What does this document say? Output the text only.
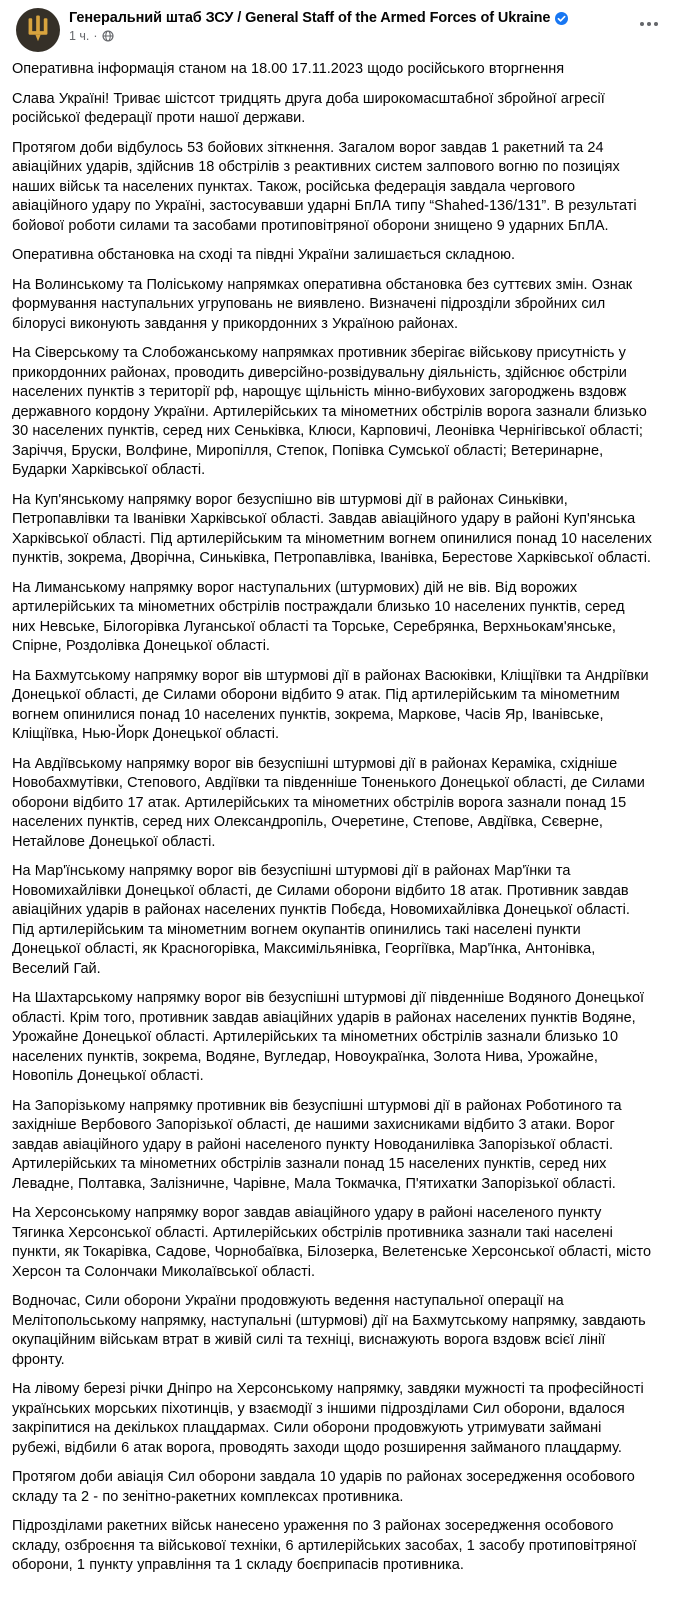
Генеральний штаб ЗСУ / General Staff of the Armed Forces of Ukraine
1 ч. ·

Оперативна інформація станом на 18.00 17.11.2023 щодо російського вторгнення

Слава Україні! Триває шістсот тридцять друга доба широкомасштабної збройної агресії російської федерації проти нашої держави.

Протягом доби відбулось 53 бойових зіткнення. Загалом ворог завдав 1 ракетний та 24 авіаційних ударів, здійснив 18 обстрілів з реактивних систем залпового вогню по позиціях наших військ та населених пунктах. Також, російська федерація завдала чергового авіаційного удару по Україні, застосувавши ударні БпЛА типу “Shahed-136/131”. В результаті бойової роботи силами та засобами протиповітряної оборони знищено 9 ударних БпЛА.

Оперативна обстановка на сході та півдні України залишається складною.

На Волинському та Поліському напрямках оперативна обстановка без суттєвих змін. Ознак формування наступальних угруповань не виявлено. Визначені підрозділи збройних сил білорусі виконують завдання у прикордонних з Україною районах.

На Сіверському та Слобожанському напрямках противник зберігає військову присутність у прикордонних районах, проводить диверсійно-розвідувальну діяльність, здійснює обстріли населених пунктів з території рф, нарощує щільність мінно-вибухових загороджень вздовж державного кордону України. Артилерійських та мінометних обстрілів ворога зазнали близько 30 населених пунктів, серед них Сеньківка, Клюси, Карповичі, Леонівка Чернігівської області; Заріччя, Бруски, Волфине, Миропілля, Степок, Попівка Сумської області; Ветеринарне, Бударки Харківської області.

На Куп'янському напрямку ворог безуспішно вів штурмові дії в районах Синьківки, Петропавлівки та Іванівки Харківської області. Завдав авіаційного удару в районі Куп'янська Харківської області. Під артилерійським та мінометним вогнем опинилися понад 10 населених пунктів, зокрема, Дворічна, Синьківка, Петропавлівка, Іванівка, Берестове Харківської області.

На Лиманському напрямку ворог наступальних (штурмових) дій не вів. Від ворожих артилерійських та мінометних обстрілів постраждали близько 10 населених пунктів, серед них Невське, Білогорівка Луганської області та Торське, Серебрянка, Верхньокам'янське, Спірне, Роздолівка Донецької області.

На Бахмутському напрямку ворог вів штурмові дії в районах Васюківки, Кліщіївки та Андріївки Донецької області, де Силами оборони відбито 9 атак. Під артилерійським та мінометним вогнем опинилися понад 10 населених пунктів, зокрема, Маркове, Часів Яр, Іванівське, Кліщіївка, Нью-Йорк Донецької області.

На Авдіївському напрямку ворог вів безуспішні штурмові дії в районах Кераміка, східніше Новобахмутівки, Степового, Авдіївки та південніше Тоненького Донецької області, де Силами оборони відбито 17 атак. Артилерійських та мінометних обстрілів ворога зазнали понад 15 населених пунктів, серед них Олександропіль, Очеретине, Степове, Авдіївка, Сєверне, Нетайлове Донецької області.

На Мар'їнському напрямку ворог вів безуспішні штурмові дії в районах Мар'їнки та Новомихайлівки Донецької області, де Силами оборони відбито 18 атак. Противник завдав авіаційних ударів в районах населених пунктів Побєда, Новомихайлівка Донецької області. Під артилерійським та мінометним вогнем окупантів опинились такі населені пункти Донецької області, як Красногорівка, Максимільянівка, Георгіївка, Мар'їнка, Антонівка, Веселий Гай.

На Шахтарському напрямку ворог вів безуспішні штурмові дії південніше Водяного Донецької області. Крім того, противник завдав авіаційних ударів в районах населених пунктів Водяне, Урожайне Донецької області. Артилерійських та мінометних обстрілів зазнали близько 10 населених пунктів, зокрема, Водяне, Вугледар, Новоукраїнка, Золота Нива, Урожайне, Новопіль Донецької області.

На Запорізькому напрямку противник вів безуспішні штурмові дії в районах Роботиного та західніше Вербового Запорізької області, де нашими захисниками відбито 3 атаки. Ворог завдав авіаційного удару в районі населеного пункту Новоданилівка Запорізької області. Артилерійських та мінометних обстрілів зазнали понад 15 населених пунктів, серед них Левадне, Полтавка, Залізничне, Чарівне, Мала Токмачка, П'ятихатки Запорізької області.

На Херсонському напрямку ворог завдав авіаційного удару в районі населеного пункту Тягинка Херсонської області. Артилерійських обстрілів противника зазнали такі населені пункти, як Токарівка, Садове, Чорнобаївка, Білозерка, Велетенське Херсонської області, місто Херсон та Солончаки Миколаївської області.

Водночас, Сили оборони України продовжують ведення наступальної операції на Мелітопольському напрямку, наступальні (штурмові) дії на Бахмутському напрямку, завдають окупаційним військам втрат в живій силі та техніці, виснажують ворога вздовж всієї лінії фронту.

На лівому березі річки Дніпро на Херсонському напрямку, завдяки мужності та професійності українських морських піхотинців, у взаємодії з іншими підрозділами Сил оборони, вдалося закріпитися на декількох плацдармах. Сили оборони продовжують утримувати займані рубежі, відбили 6 атак ворога, проводять заходи щодо розширення займаного плацдарму.

Протягом доби авіація Сил оборони завдала 10 ударів по районах зосередження особового складу та 2 - по зенітно-ракетних комплексах противника.

Підрозділами ракетних військ нанесено ураження по 3 районах зосередження особового складу, озброєння та військової техніки, 6 артилерійських засобах, 1 засобу протиповітряної оборони, 1 пункту управління та 1 складу боєприпасів противника.
